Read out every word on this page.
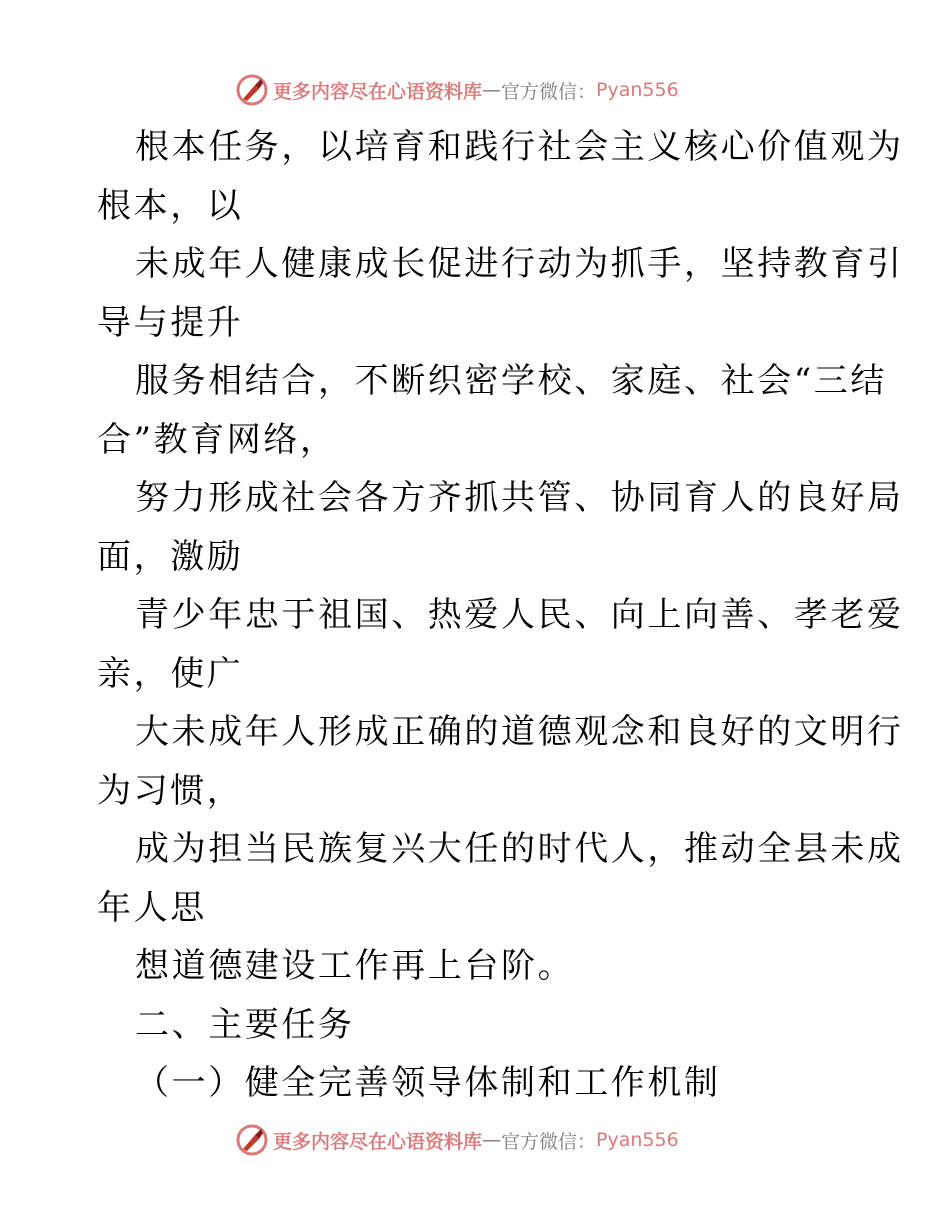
更多内容尽在心语资料库 — 官方微信： Pyan556
根本任务，以培育和践行社会主义核心价值观为
根本，以
未成年人健康成长促进行动为抓手，坚持教育引
导与提升
服务相结合，不断织密学校、家庭、社会“三结
合”教育网络，
努力形成社会各方齐抓共管、协同育人的良好局
面，激励
青少年忠于祖国、热爱人民、向上向善、孝老爱
亲，使广
大未成年人形成正确的道德观念和良好的文明行
为习惯，
成为担当民族复兴大任的时代人，推动全县未成
年人思
想道德建设工作再上台阶。
二、主要任务
（一）健全完善领导体制和工作机制
更多内容尽在心语资料库 — 官方微信： Pyan556
